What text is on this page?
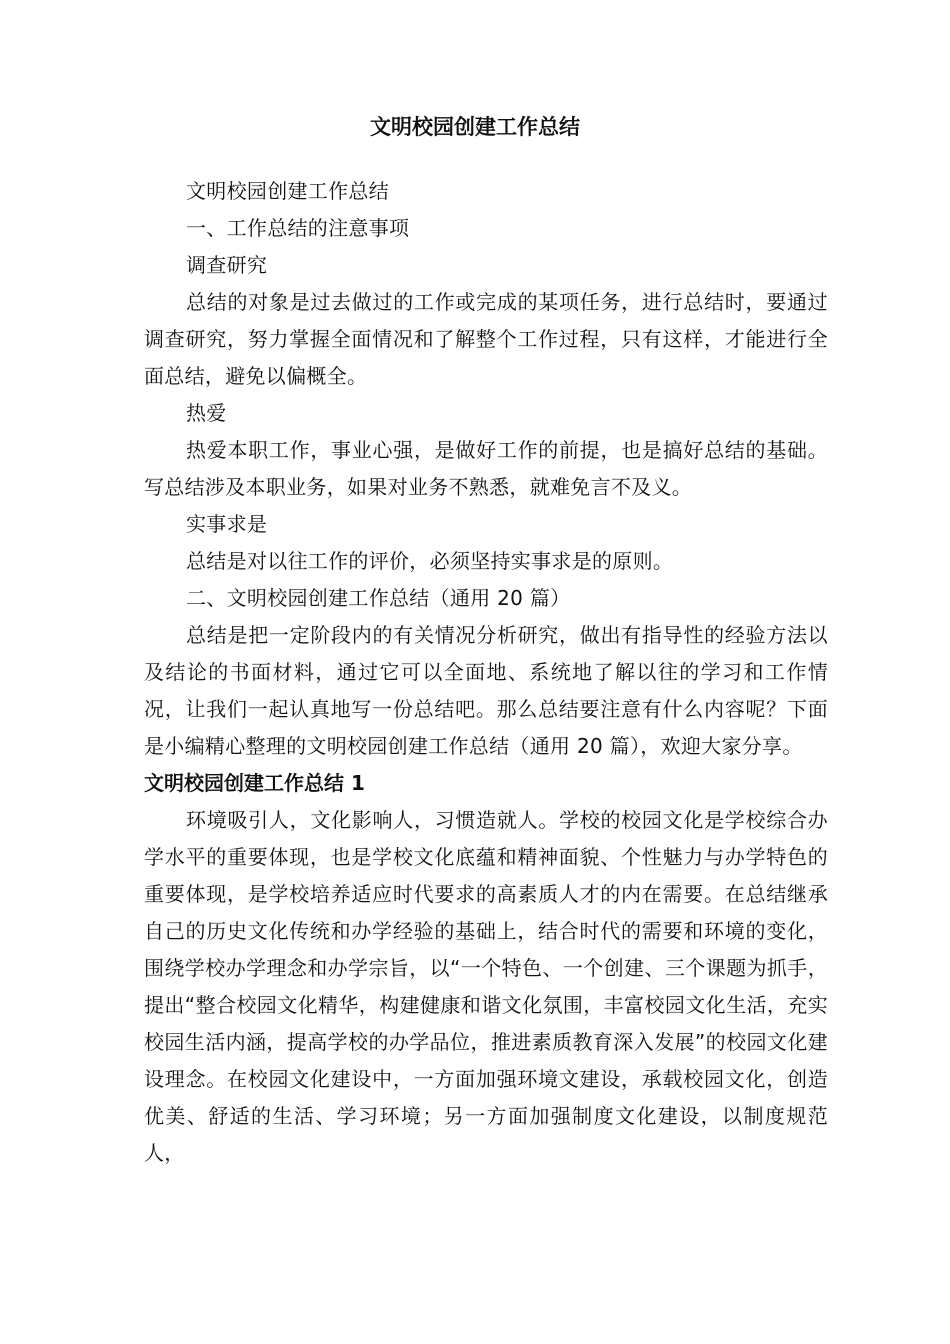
文明校园创建工作总结

文明校园创建工作总结

一、工作总结的注意事项

调查研究

总结的对象是过去做过的工作或完成的某项任务，进行总结时，要通过调查研究，努力掌握全面情况和了解整个工作过程，只有这样，才能进行全面总结，避免以偏概全。

热爱

热爱本职工作，事业心强，是做好工作的前提，也是搞好总结的基础。写总结涉及本职业务，如果对业务不熟悉，就难免言不及义。

实事求是

总结是对以往工作的评价，必须坚持实事求是的原则。

二、文明校园创建工作总结（通用 20 篇）

总结是把一定阶段内的有关情况分析研究，做出有指导性的经验方法以及结论的书面材料，通过它可以全面地、系统地了解以往的学习和工作情况，让我们一起认真地写一份总结吧。那么总结要注意有什么内容呢？下面是小编精心整理的文明校园创建工作总结（通用 20 篇），欢迎大家分享。

文明校园创建工作总结 1

环境吸引人，文化影响人，习惯造就人。学校的校园文化是学校综合办学水平的重要体现，也是学校文化底蕴和精神面貌、个性魅力与办学特色的重要体现，是学校培养适应时代要求的高素质人才的内在需要。在总结继承自己的历史文化传统和办学经验的基础上，结合时代的需要和环境的变化，围绕学校办学理念和办学宗旨，以“一个特色、一个创建、三个课题为抓手，提出“整合校园文化精华，构建健康和谐文化氛围，丰富校园文化生活，充实校园生活内涵，提高学校的办学品位，推进素质教育深入发展”的校园文化建设理念。在校园文化建设中，一方面加强环境文建设，承载校园文化，创造优美、舒适的生活、学习环境；另一方面加强制度文化建设，以制度规范人，
